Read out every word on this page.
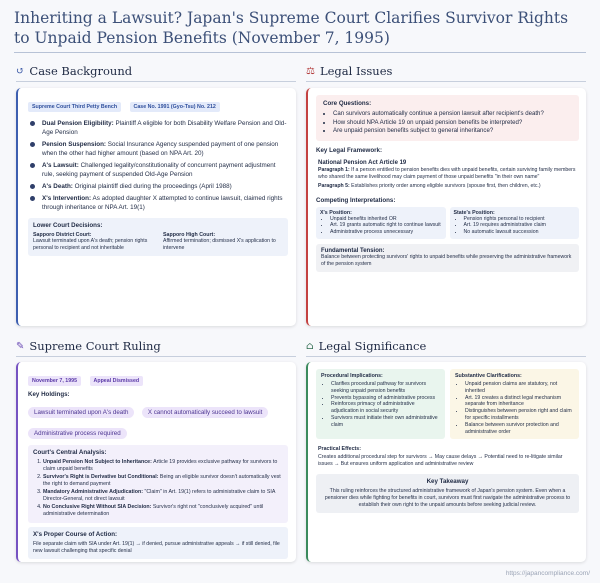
Inheriting a Lawsuit? Japan's Supreme Court Clarifies Survivor Rights to Unpaid Pension Benefits (November 7, 1995)
↺ Case Background
Supreme Court Third Petty Bench	Case No. 1991 (Gyo-Tsu) No. 212
Dual Pension Eligibility: Plaintiff A eligible for both Disability Welfare Pension and Old-Age Pension
Pension Suspension: Social Insurance Agency suspended payment of one pension when the other had higher amount (based on NPA Art. 20)
A's Lawsuit: Challenged legality/constitutionality of concurrent payment adjustment rule, seeking payment of suspended Old-Age Pension
A's Death: Original plaintiff died during the proceedings (April 1988)
X's Intervention: As adopted daughter X attempted to continue lawsuit, claimed rights through inheritance or NPA Art. 19(1)
Lower Court Decisions:
Sapporo District Court:
Lawsuit terminated upon A's death; pension rights personal to recipient and not inheritable
Sapporo High Court:
Affirmed termination; dismissed X's application to intervene
⚖ Legal Issues
Core Questions:
• Can survivors automatically continue a pension lawsuit after recipient's death?
• How should NPA Article 19 on unpaid pension benefits be interpreted?
• Are unpaid pension benefits subject to general inheritance?
Key Legal Framework:
National Pension Act Article 19
Paragraph 1: If a person entitled to pension benefits dies with unpaid benefits, certain surviving family members who shared the same livelihood may claim payment of those unpaid benefits "in their own name"
Paragraph 5: Establishes priority order among eligible survivors (spouse first, then children, etc.)
Competing Interpretations:
X's Position:
• Unpaid benefits inherited OR
• Art. 19 grants automatic right to continue lawsuit
• Administrative process unnecessary
State's Position:
• Pension rights personal to recipient
• Art. 19 requires administrative claim
• No automatic lawsuit succession
Fundamental Tension:
Balance between protecting survivors' rights to unpaid benefits while preserving the administrative framework of the pension system
✎ Supreme Court Ruling
November 7, 1995	Appeal Dismissed
Key Holdings:
Lawsuit terminated upon A's death	X cannot automatically succeed to lawsuit Administrative process required
Court's Central Analysis:
1. Unpaid Pension Not Subject to Inheritance: Article 19 provides exclusive pathway for survivors to claim unpaid benefits
2. Survivor's Right is Derivative but Conditional: Being an eligible survivor doesn't automatically vest the right to demand payment
3. Mandatory Administrative Adjudication: "Claim" in Art. 19(1) refers to administrative claim to SIA Director-General, not direct lawsuit
4. No Conclusive Right Without SIA Decision: Survivor's right not "conclusively acquired" until administrative determination
X's Proper Course of Action:
File separate claim with SIA under Art. 19(1) → if denied, pursue administrative appeals → if still denied, file new lawsuit challenging that specific denial
⌂ Legal Significance
Procedural Implications:
• Clarifies procedural pathway for survivors seeking unpaid pension benefits
• Prevents bypassing of administrative process
• Reinforces primacy of administrative adjudication in social security
• Survivors must initiate their own administrative claim
Substantive Clarifications:
• Unpaid pension claims are statutory, not inherited
• Art. 19 creates a distinct legal mechanism separate from inheritance
• Distinguishes between pension right and claim for specific installments
• Balance between survivor protection and administrative order
Practical Effects:
Creates additional procedural step for survivors → May cause delays → Potential need to re-litigate similar issues → But ensures uniform application and administrative review
Key Takeaway
This ruling reinforces the structured administrative framework of Japan's pension system. Even when a pensioner dies while fighting for benefits in court, survivors must first navigate the administrative process to establish their own right to the unpaid amounts before seeking judicial review.
https://japancompliance.com/
